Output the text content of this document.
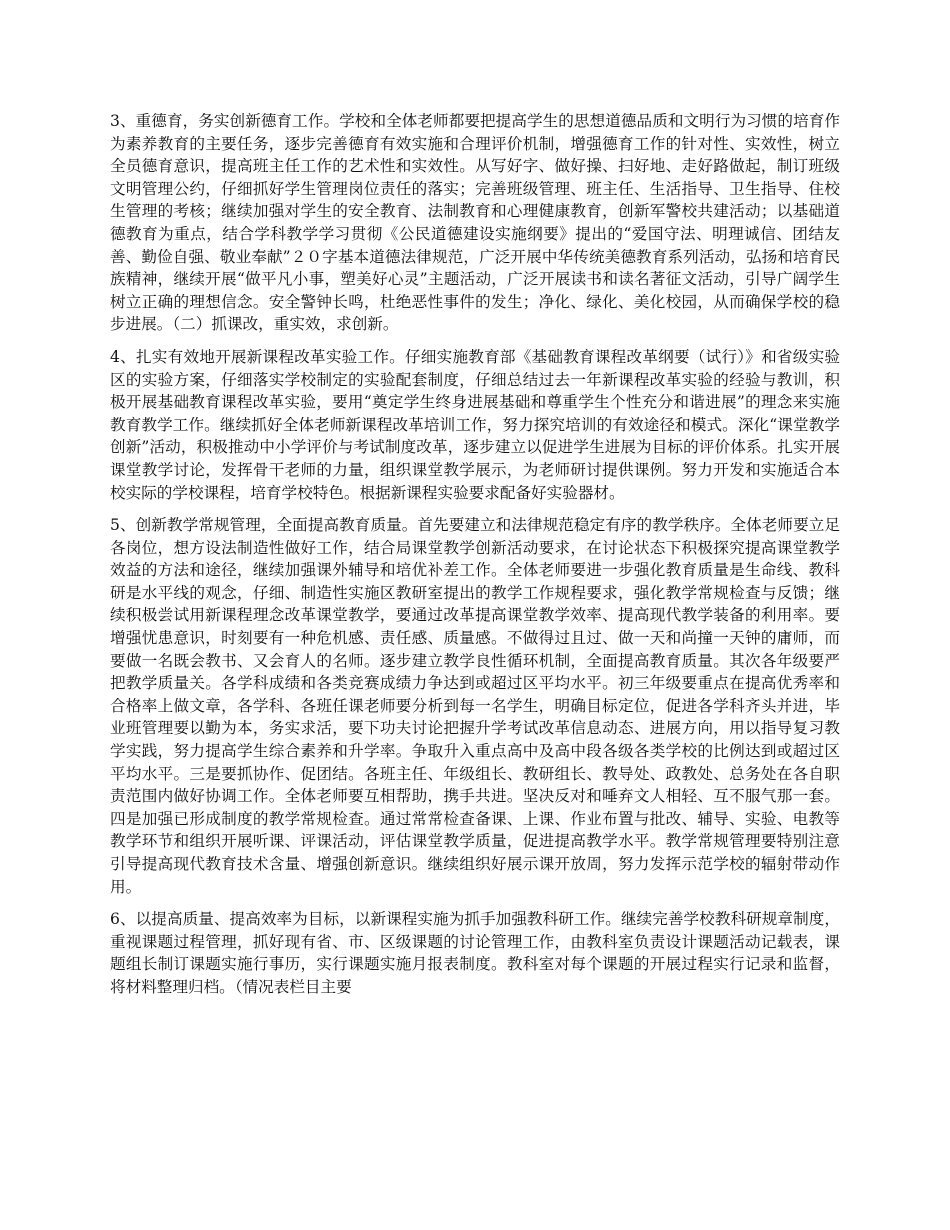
3、重德育，务实创新德育工作。学校和全体老师都要把提高学生的思想道德品质和文明行为习惯的培育作为素养教育的主要任务，逐步完善德育有效实施和合理评价机制，增强德育工作的针对性、实效性，树立全员德育意识，提高班主任工作的艺术性和实效性。从写好字、做好操、扫好地、走好路做起，制订班级文明管理公约，仔细抓好学生管理岗位责任的落实；完善班级管理、班主任、生活指导、卫生指导、住校生管理的考核；继续加强对学生的安全教育、法制教育和心理健康教育，创新军警校共建活动；以基础道德教育为重点，结合学科教学学习贯彻《公民道德建设实施纲要》提出的“爱国守法、明理诚信、团结友善、勤俭自强、敬业奉献”２０字基本道德法律规范，广泛开展中华传统美德教育系列活动，弘扬和培育民族精神，继续开展“做平凡小事，塑美好心灵”主题活动，广泛开展读书和读名著征文活动，引导广阔学生树立正确的理想信念。安全警钟长鸣，杜绝恶性事件的发生；净化、绿化、美化校园，从而确保学校的稳步进展。（二）抓课改，重实效，求创新。

4、扎实有效地开展新课程改革实验工作。仔细实施教育部《基础教育课程改革纲要（试行）》和省级实验区的实验方案，仔细落实学校制定的实验配套制度，仔细总结过去一年新课程改革实验的经验与教训，积极开展基础教育课程改革实验，要用“奠定学生终身进展基础和尊重学生个性充分和谐进展”的理念来实施教育教学工作。继续抓好全体老师新课程改革培训工作，努力探究培训的有效途径和模式。深化“课堂教学创新”活动，积极推动中小学评价与考试制度改革，逐步建立以促进学生进展为目标的评价体系。扎实开展课堂教学讨论，发挥骨干老师的力量，组织课堂教学展示，为老师研讨提供课例。努力开发和实施适合本校实际的学校课程，培育学校特色。根据新课程实验要求配备好实验器材。

5、创新教学常规管理，全面提高教育质量。首先要建立和法律规范稳定有序的教学秩序。全体老师要立足各岗位，想方设法制造性做好工作，结合局课堂教学创新活动要求，在讨论状态下积极探究提高课堂教学效益的方法和途径，继续加强课外辅导和培优补差工作。全体老师要进一步强化教育质量是生命线、教科研是水平线的观念，仔细、制造性实施区教研室提出的教学工作规程要求，强化教学常规检查与反馈；继续积极尝试用新课程理念改革课堂教学，要通过改革提高课堂教学效率、提高现代教学装备的利用率。要增强忧患意识，时刻要有一种危机感、责任感、质量感。不做得过且过、做一天和尚撞一天钟的庸师，而要做一名既会教书、又会育人的名师。逐步建立教学良性循环机制，全面提高教育质量。其次各年级要严把教学质量关。各学科成绩和各类竞赛成绩力争达到或超过区平均水平。初三年级要重点在提高优秀率和合格率上做文章，各学科、各班任课老师要分析到每一名学生，明确目标定位，促进各学科齐头并进，毕业班管理要以勤为本，务实求活，要下功夫讨论把握升学考试改革信息动态、进展方向，用以指导复习教学实践，努力提高学生综合素养和升学率。争取升入重点高中及高中段各级各类学校的比例达到或超过区平均水平。三是要抓协作、促团结。各班主任、年级组长、教研组长、教导处、政教处、总务处在各自职责范围内做好协调工作。全体老师要互相帮助，携手共进。坚决反对和唾弃文人相轻、互不服气那一套。四是加强已形成制度的教学常规检查。通过常常检查备课、上课、作业布置与批改、辅导、实验、电教等教学环节和组织开展听课、评课活动，评估课堂教学质量，促进提高教学水平。教学常规管理要特别注意引导提高现代教育技术含量、增强创新意识。继续组织好展示课开放周，努力发挥示范学校的辐射带动作用。

6、以提高质量、提高效率为目标，以新课程实施为抓手加强教科研工作。继续完善学校教科研规章制度，重视课题过程管理，抓好现有省、市、区级课题的讨论管理工作，由教科室负责设计课题活动记载表，课题组长制订课题实施行事历，实行课题实施月报表制度。教科室对每个课题的开展过程实行记录和监督，将材料整理归档。（情况表栏目主要
